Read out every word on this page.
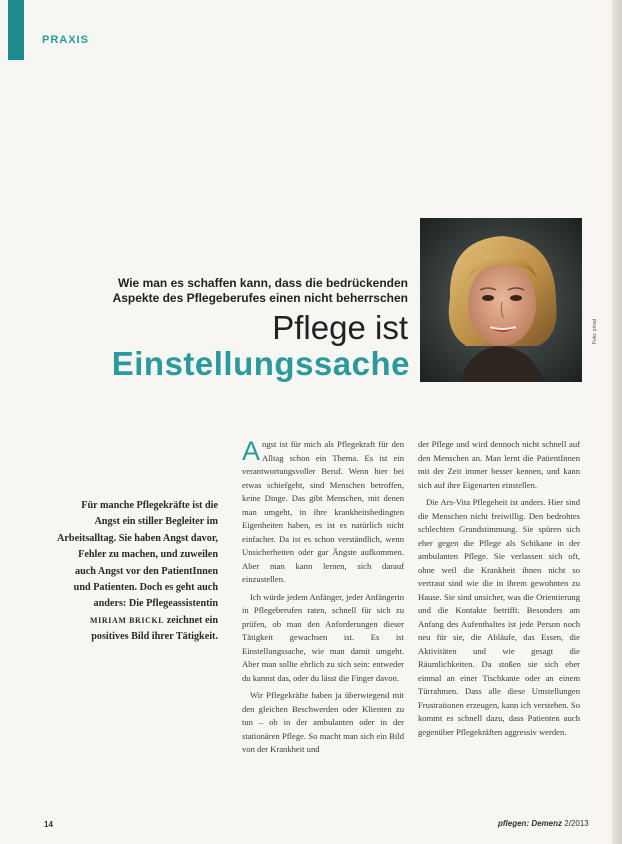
PRAXIS
Wie man es schaffen kann, dass die bedrückenden Aspekte des Pflegeberufes einen nicht beherrschen
Pflege ist
Einstellungssache
Foto: privat
Für manche Pflegekräfte ist die Angst ein stiller Begleiter im Arbeitsalltag. Sie haben Angst davor, Fehler zu machen, und zuweilen auch Angst vor den PatientInnen und Patienten. Doch es geht auch anders: Die Pflegeassistentin MIRIAM BRICKL zeichnet ein positives Bild ihrer Tätigkeit.

Angst ist für mich als Pflegekraft für den Alltag schon ein Thema. Es ist ein verantwortungsvoller Beruf. Wenn hier bei etwas schiefgeht, sind Menschen betroffen, keine Dinge. Das gibt Menschen, mit denen man umgeht, in ihre krankheitsbedingten Eigenheiten haben, es ist es natürlich nicht einfacher. Da ist es schon verständlich, wenn Unsicherheiten oder gar Ängste aufkommen. Aber man kann lernen, sich darauf einzustellen.

Ich würde jedem Anfänger, jeder Anfängerin in Pflegeberufen raten, schnell für sich zu prüfen, ob man den Anforderungen dieser Tätigkeit gewachsen ist. Es ist Einstellungssache, wie man damit umgeht. Aber man sollte ehrlich zu sich sein: entweder du kannst das, oder du lässt die Finger davon.

Wir Pflegekräfte haben ja überwiegend mit den gleichen Beschwerden oder Klienten zu tun – ob in der ambulanten oder in der stationären Pflege. So macht man sich ein Bild von der Krankheit und

der Pflege und wird dennoch nicht schnell auf den Menschen an. Man lernt die PatientInnen mit der Zeit immer besser kennen, und kann sich auf ihre Eigenarten einstellen.

Die Ars-Vita Pflegeheit ist anders. Hier sind die Menschen nicht freiwillig. Den bedrohtes schlechten Grundstimmung. Sie spüren sich eher gegen die Pflege als Schikane in der ambulanten Pflege. Sie verlassen sich oft, ohne weil die Krankheit ihnen nicht so vertraut sind wie die in ihrem gewohnten zu Hause. Sie sind unsicher, was die Orientierung und die Kontakte betrifft. Besonders am Anfang des Aufenthaltes ist jede Person noch neu für sie, die Abläufe, das Essen, die Aktivitäten und wie gesagt die Räumlichkeiten. Da stoßen sie sich eher einmal an einer Tischkante oder an einem Türrahmen. Dass alle diese Umstellungen Frustrationen erzeugen, kann ich verstehen. So kommt es schnell dazu, dass Patienten auch gegenüber Pflegekräften aggressiv werden.

14	pflegen: Demenz 2/2013
